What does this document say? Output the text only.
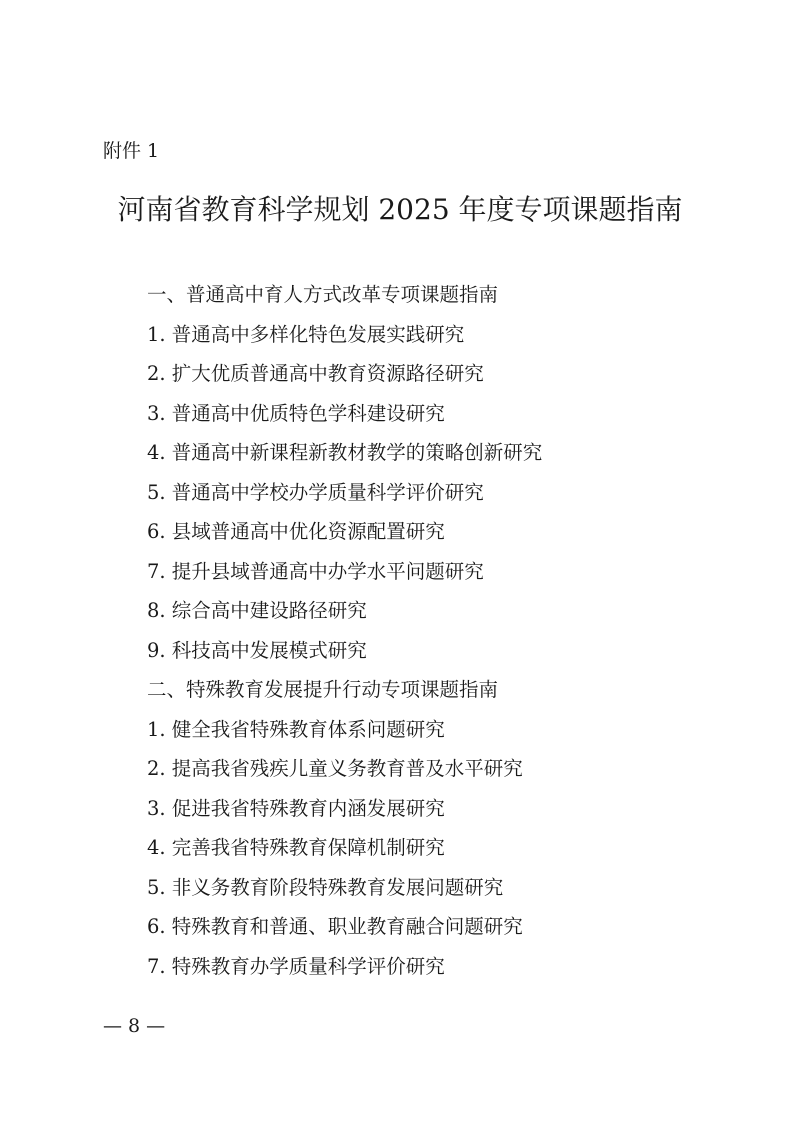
附件 1
河南省教育科学规划 2025 年度专项课题指南
一、普通高中育人方式改革专项课题指南
1. 普通高中多样化特色发展实践研究
2. 扩大优质普通高中教育资源路径研究
3. 普通高中优质特色学科建设研究
4. 普通高中新课程新教材教学的策略创新研究
5. 普通高中学校办学质量科学评价研究
6. 县域普通高中优化资源配置研究
7. 提升县域普通高中办学水平问题研究
8. 综合高中建设路径研究
9. 科技高中发展模式研究
二、特殊教育发展提升行动专项课题指南
1. 健全我省特殊教育体系问题研究
2. 提高我省残疾儿童义务教育普及水平研究
3. 促进我省特殊教育内涵发展研究
4. 完善我省特殊教育保障机制研究
5. 非义务教育阶段特殊教育发展问题研究
6. 特殊教育和普通、职业教育融合问题研究
7. 特殊教育办学质量科学评价研究
— 8 —
